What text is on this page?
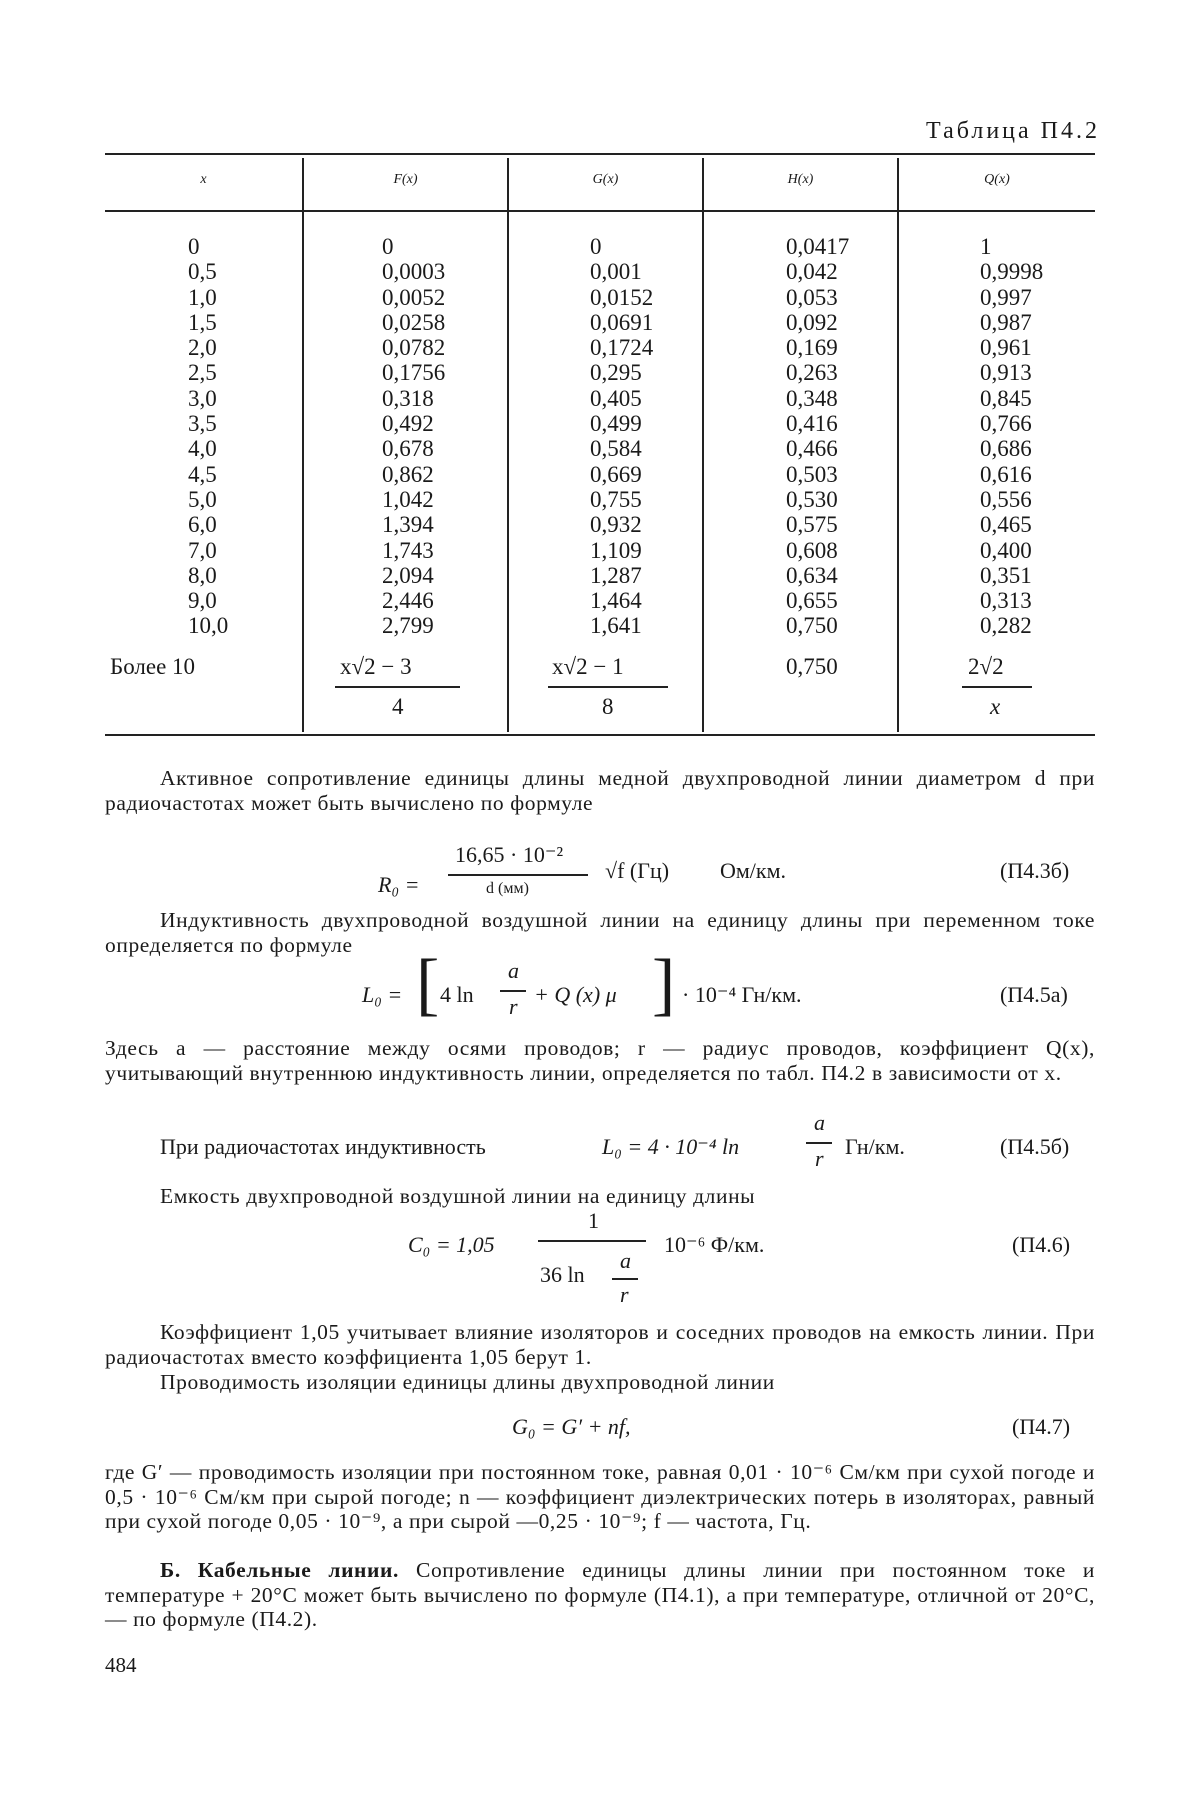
Таблица П4.2
x	F(x)	G(x)	H(x)	Q(x)
0
0,5
1,0
1,5
2,0
2,5
3,0
3,5
4,0
4,5
5,0
6,0
7,0
8,0
9,0
10,0
0
0,0003
0,0052
0,0258
0,0782
0,1756
0,318
0,492
0,678
0,862
1,042
1,394
1,743
2,094
2,446
2,799
0
0,001
0,0152
0,0691
0,1724
0,295
0,405
0,499
0,584
0,669
0,755
0,932
1,109
1,287
1,464
1,641
0,0417
0,042
0,053
0,092
0,169
0,263
0,348
0,416
0,466
0,503
0,530
0,575
0,608
0,634
0,655
0,750
1
0,9998
0,997
0,987
0,961
0,913
0,845
0,766
0,686
0,616
0,556
0,465
0,400
0,351
0,313
0,282
Более 10	x√2 − 3
4
x√2 − 1
8
0,750	2√2
x
Активное сопротивление единицы длины медной двухпроводной линии диаметром d при радиочастотах может быть вычислено по формуле
R₀ =
16,65 · 10⁻²
d (мм)
√f (Гц) Ом/км.	(П4.3б)
Индуктивность двухпроводной воздушной линии на единицу длины при переменном токе определяется по формуле
L₀ = [ 4 ln
a
r + Q (x) μ ] · 10⁻⁴ Гн/км.	(П4.5а)
Здесь a — расстояние между осями проводов; r — радиус проводов, коэффициент Q(x), учитывающий внутреннюю индуктивность линии, определяется по табл. П4.2 в зависимости от x.
При радиочастотах индуктивность	L₀ = 4 · 10⁻⁴ ln
a
r Гн/км.	(П4.5б)
Емкость двухпроводной воздушной линии на единицу длины
C₀ = 1,05
1
36 ln
a
r
10⁻⁶ Ф/км.	(П4.6)
Коэффициент 1,05 учитывает влияние изоляторов и соседних проводов на емкость линии. При радиочастотах вместо коэффициента 1,05 берут 1.
Проводимость изоляции единицы длины двухпроводной линии
G₀ = G′ + nf,	(П4.7)
где G′ — проводимость изоляции при постоянном токе, равная 0,01 · 10⁻⁶ См/км при сухой погоде и 0,5 · 10⁻⁶ См/км при сырой погоде; n — коэффициент диэлектрических потерь в изоляторах, равный при сухой погоде 0,05 · 10⁻⁹, а при сырой —0,25 · 10⁻⁹; f — частота, Гц.
Б. Кабельные линии. Сопротивление единицы длины линии при постоянном токе и температуре + 20°С может быть вычислено по формуле (П4.1), а при температуре, отличной от 20°С, — по формуле (П4.2).
484
